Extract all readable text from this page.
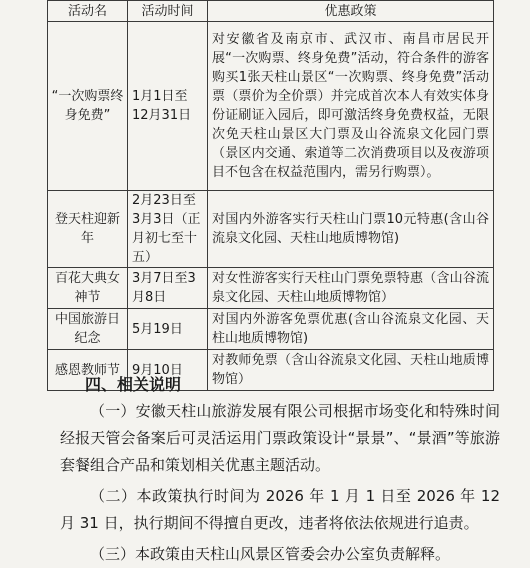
活动名	活动时间	优惠政策
“一次购票终身免费”	1月1日至12月31日	对安徽省及南京市、武汉市、南昌市居民开展“一次购票、终身免费”活动，符合条件的游客购买1张天柱山景区“一次购票、终身免费”活动票（票价为全价票）并完成首次本人有效实体身份证刷证入园后，即可激活终身免费权益，无限次免天柱山景区大门票及山谷流泉文化园门票（景区内交通、索道等二次消费项目以及夜游项目不包含在权益范围内，需另行购票）。
登天柱迎新年	2月23日至3月3日（正月初七至十五）	对国内外游客实行天柱山门票10元特惠(含山谷流泉文化园、天柱山地质博物馆)
百花大典女神节	3月7日至3月8日	对女性游客实行天柱山门票免票特惠（含山谷流泉文化园、天柱山地质博物馆）
中国旅游日纪念	5月19日	对国内外游客免票优惠(含山谷流泉文化园、天柱山地质博物馆)
感恩教师节	9月10日	对教师免票（含山谷流泉文化园、天柱山地质博物馆）
四、相关说明

（一）安徽天柱山旅游发展有限公司根据市场变化和特殊时间经报天管会备案后可灵活运用门票政策设计“景景”、“景酒”等旅游套餐组合产品和策划相关优惠主题活动。

（二）本政策执行时间为 2026 年 1 月 1 日至 2026 年 12 月 31 日，执行期间不得擅自更改，违者将依法依规进行追责。

（三）本政策由天柱山风景区管委会办公室负责解释。
